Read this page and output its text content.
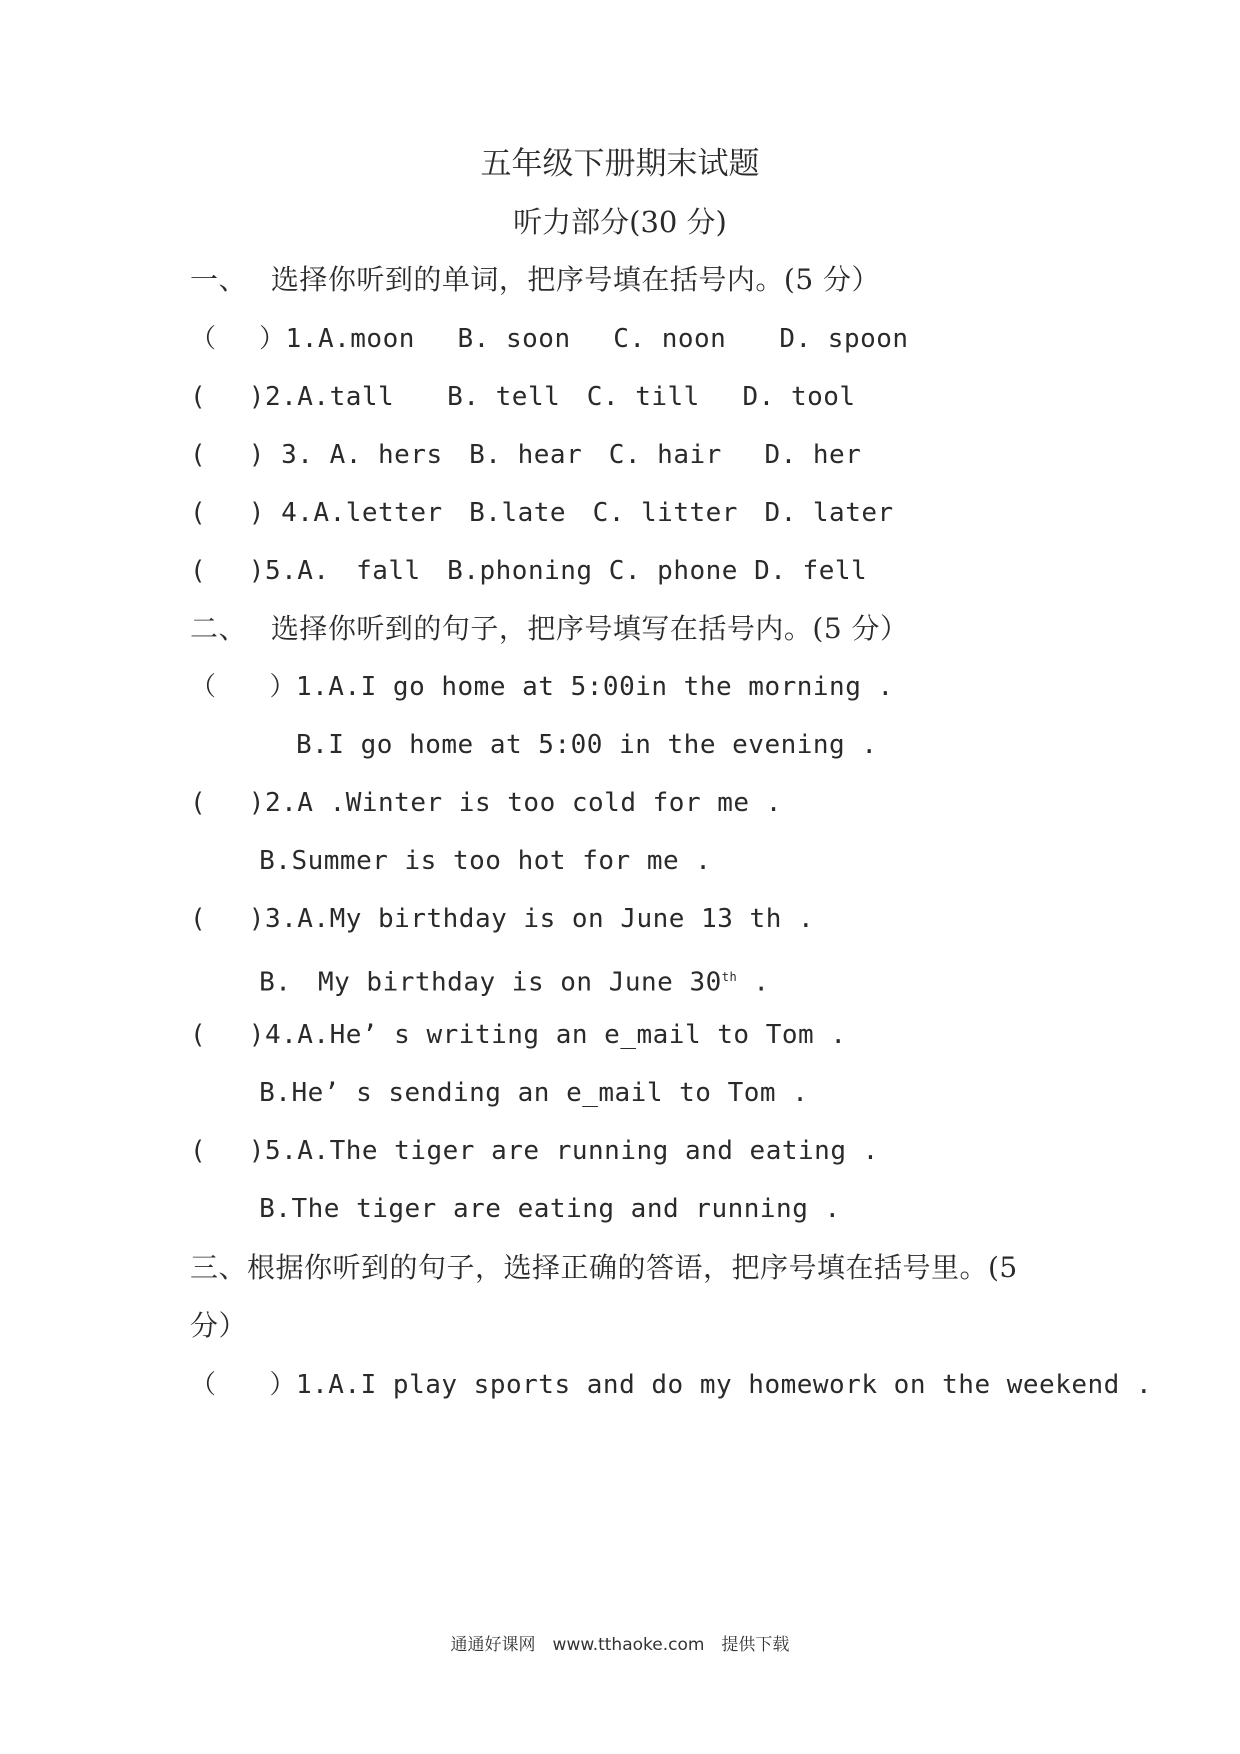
五年级下册期末试题
听力部分(30 分)
一、　 选择你听到的单词，把序号填在括号内。(5 分）
（　 ）1.A.moon　 B. soon　 C. noon　　D. spoon
(　 )2.A.tall　　B. tell　C. till　 D. tool
(　 ) 3. A. hers　B. hear　C. hair　 D. her
(　 ) 4.A.letter　B.late　C. litter　D. later
(　 )5.A.　fall　B.phoning C. phone D. fell
二、　 选择你听到的句子，把序号填写在括号内。(5 分）
（　　）1.A.I go home at 5:00in the morning .
　　　　B.I go home at 5:00 in the evening .
(　 )2.A .Winter is too cold for me .
　　 B.Summer is too hot for me .
(　 )3.A.My birthday is on June 13 th .
　　 B.　My birthday is on June 30th .
(　 )4.A.He’ s writing an e_mail to Tom .
　　 B.He’ s sending an e_mail to Tom .
(　 )5.A.The tiger are running and eating .
　　 B.The tiger are eating and running .
三、根据你听到的句子，选择正确的答语，把序号填在括号里。(5
分）
（　　）1.A.I play sports and do my homework on the weekend .
通通好课网　www.tthaoke.com　提供下载
